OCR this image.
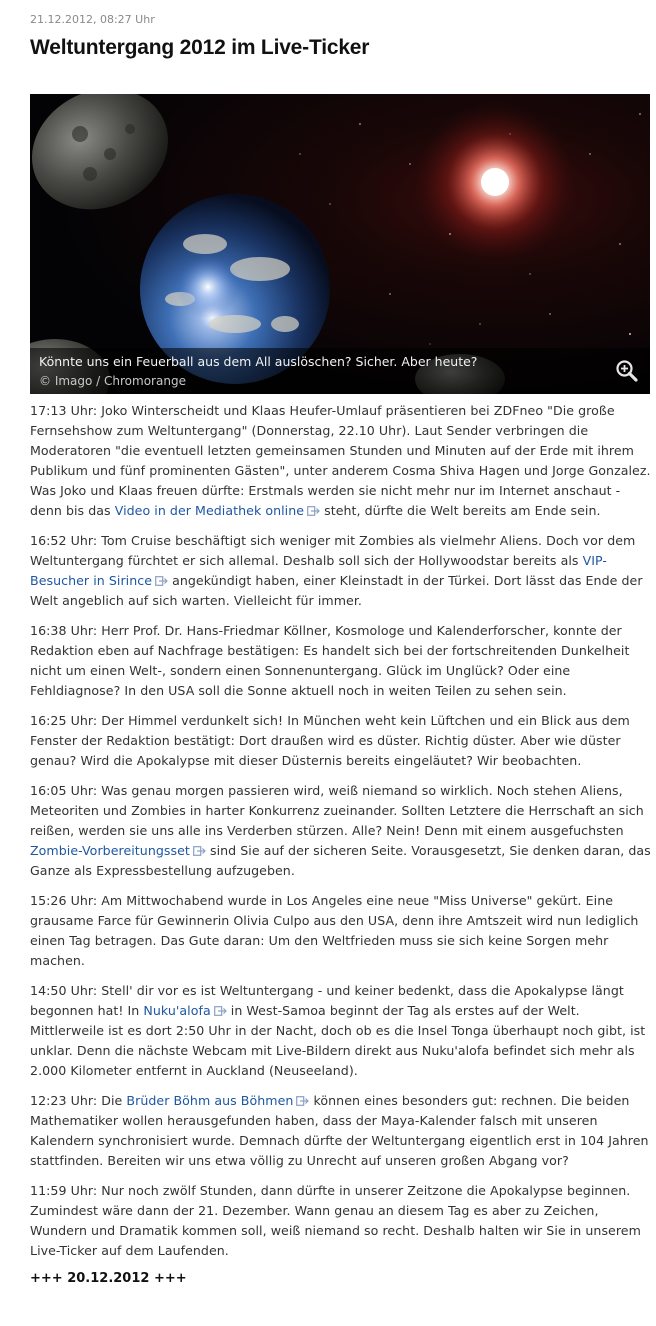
21.12.2012, 08:27 Uhr
Weltuntergang 2012 im Live-Ticker
Könnte uns ein Feuerball aus dem All auslöschen? Sicher. Aber heute?
© Imago / Chromorange

17:13 Uhr: Joko Winterscheidt und Klaas Heufer-Umlauf präsentieren bei ZDFneo "Die große Fernsehshow zum Weltuntergang" (Donnerstag, 22.10 Uhr). Laut Sender verbringen die Moderatoren "die eventuell letzten gemeinsamen Stunden und Minuten auf der Erde mit ihrem Publikum und fünf prominenten Gästen", unter anderem Cosma Shiva Hagen und Jorge Gonzalez. Was Joko und Klaas freuen dürfte: Erstmals werden sie nicht mehr nur im Internet anschaut - denn bis das Video in der Mediathek online steht, dürfte die Welt bereits am Ende sein.

16:52 Uhr: Tom Cruise beschäftigt sich weniger mit Zombies als vielmehr Aliens. Doch vor dem Weltuntergang fürchtet er sich allemal. Deshalb soll sich der Hollywoodstar bereits als VIP-Besucher in Sirince angekündigt haben, einer Kleinstadt in der Türkei. Dort lässt das Ende der Welt angeblich auf sich warten. Vielleicht für immer.

16:38 Uhr: Herr Prof. Dr. Hans-Friedmar Köllner, Kosmologe und Kalenderforscher, konnte der Redaktion eben auf Nachfrage bestätigen: Es handelt sich bei der fortschreitenden Dunkelheit nicht um einen Welt-, sondern einen Sonnenuntergang. Glück im Unglück? Oder eine Fehldiagnose? In den USA soll die Sonne aktuell noch in weiten Teilen zu sehen sein.

16:25 Uhr: Der Himmel verdunkelt sich! In München weht kein Lüftchen und ein Blick aus dem Fenster der Redaktion bestätigt: Dort draußen wird es düster. Richtig düster. Aber wie düster genau? Wird die Apokalypse mit dieser Düsternis bereits eingeläutet? Wir beobachten.

16:05 Uhr: Was genau morgen passieren wird, weiß niemand so wirklich. Noch stehen Aliens, Meteoriten und Zombies in harter Konkurrenz zueinander. Sollten Letztere die Herrschaft an sich reißen, werden sie uns alle ins Verderben stürzen. Alle? Nein! Denn mit einem ausgefuchsten Zombie-Vorbereitungsset sind Sie auf der sicheren Seite. Vorausgesetzt, Sie denken daran, das Ganze als Expressbestellung aufzugeben.

15:26 Uhr: Am Mittwochabend wurde in Los Angeles eine neue "Miss Universe" gekürt. Eine grausame Farce für Gewinnerin Olivia Culpo aus den USA, denn ihre Amtszeit wird nun lediglich einen Tag betragen. Das Gute daran: Um den Weltfrieden muss sie sich keine Sorgen mehr machen.

14:50 Uhr: Stell' dir vor es ist Weltuntergang - und keiner bedenkt, dass die Apokalypse längt begonnen hat! In Nuku'alofa in West-Samoa beginnt der Tag als erstes auf der Welt. Mittlerweile ist es dort 2:50 Uhr in der Nacht, doch ob es die Insel Tonga überhaupt noch gibt, ist unklar. Denn die nächste Webcam mit Live-Bildern direkt aus Nuku'alofa befindet sich mehr als 2.000 Kilometer entfernt in Auckland (Neuseeland).

12:23 Uhr: Die Brüder Böhm aus Böhmen können eines besonders gut: rechnen. Die beiden Mathematiker wollen herausgefunden haben, dass der Maya-Kalender falsch mit unseren Kalendern synchronisiert wurde. Demnach dürfte der Weltuntergang eigentlich erst in 104 Jahren stattfinden. Bereiten wir uns etwa völlig zu Unrecht auf unseren großen Abgang vor?

11:59 Uhr: Nur noch zwölf Stunden, dann dürfte in unserer Zeitzone die Apokalypse beginnen. Zumindest wäre dann der 21. Dezember. Wann genau an diesem Tag es aber zu Zeichen, Wundern und Dramatik kommen soll, weiß niemand so recht. Deshalb halten wir Sie in unserem Live-Ticker auf dem Laufenden.

+++ 20.12.2012 +++
